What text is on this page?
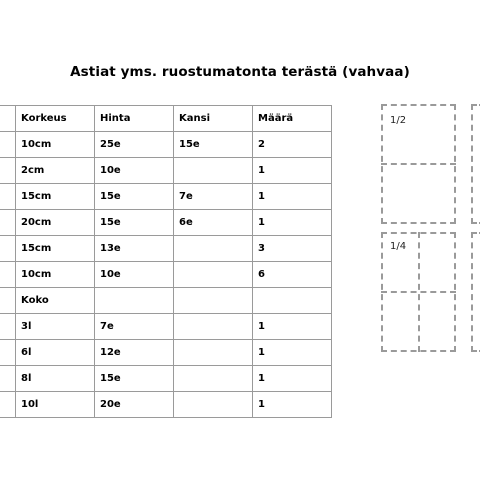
Astiat yms. ruostumatonta terästä (vahvaa)
	Korkeus	Hinta	Kansi	Määrä
	10cm	25e	15e	2
	2cm	10e		1
	15cm	15e	7e	1
	20cm	15e	6e	1
	15cm	13e		3
	10cm	10e		6
	Koko			
	3l	7e		1
	6l	12e		1
	8l	15e		1
	10l	20e		1
1/2
1/4
